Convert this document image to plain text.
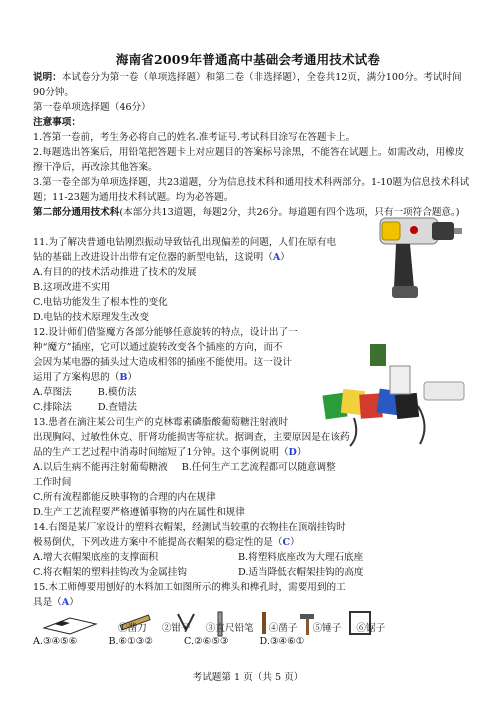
海南省2009年普通高中基础会考通用技术试卷
说明：本试卷分为第一卷（单项选择题）和第二卷（非选择题），全卷共12页，满分100分。考试时间90分钟。
第一卷单项选择题（46分）
注意事项：
1.答第一卷前，考生务必将自己的姓名.准考证号.考试科目涂写在答题卡上。
2.每题选出答案后，用铅笔把答题卡上对应题目的答案标号涂黑，不能答在试题上。如需改动，用橡皮擦干净后，再改涂其他答案。
3.第一卷全部为单项选择题，共23道题，分为信息技术科和通用技术科两部分。1-10题为信息技术科试题；11-23题为通用技术科试题。均为必答题。
第二部分通用技术科(本部分共13道题，每题2分，共26分。每道题有四个选项，只有一项符合题意。)
11.为了解决普通电钻刚烈振动导致钻孔出现偏差的问题，人们在原有电
钻的基础上改进设计出带有定位器的新型电钻，这说明（A）
A.有目的的技术活动推进了技术的发展
B.这项改进不实用
C.电钻功能发生了根本性的变化
D.电钻的技术原理发生改变
12.设计师们借鉴魔方各部分能够任意旋转的特点，设计出了一
种“魔方”插座，它可以通过旋转改变各个插座的方向，而不
会因为某电器的插头过大造成相邻的插座不能使用。这一设计
运用了方案构思的（B）
A.草图法	B.模仿法
C.排除法	D.查错法
13.患者在滴注某公司生产的克林霉素磷脂酸葡萄糖注射液时
出现胸闷、过敏性休克、肝肾功能损害等症状。据调查，主要原因是在该药
品的生产工艺过程中消毒时间缩短了1分钟。这个事例说明（D）
A.以后生病不能再注射葡萄糖液 B.任何生产工艺流程都可以随意调整
工作时间
C.所有流程都能反映事物的合理的内在规律
D.生产工艺流程要严格遵循事物的内在属性和规律
14.右图是某厂家设计的塑料衣帽架，经测试当较重的衣物挂在顶端挂钩时
极易倒伏，下列改进方案中不能提高衣帽架的稳定性的是（C）
A.增大衣帽架底座的支撑面积	B.将塑料底座改为大理石底座
C.将衣帽架的塑料挂钩改为金属挂钩	D.适当降低衣帽架挂钩的高度
15.木工师傅要用刨好的木料加工如图所示的榫头和榫孔时，需要用到的工
具是（A）
①凿刀 ②钳子 ③直尺铅笔 ④凿子 ⑤锤子 ⑥锯子
A.③④⑤⑥	B.⑥①③②	C.②⑥⑤③	D.③④⑥①
考试题第 1 页（共 5 页）
